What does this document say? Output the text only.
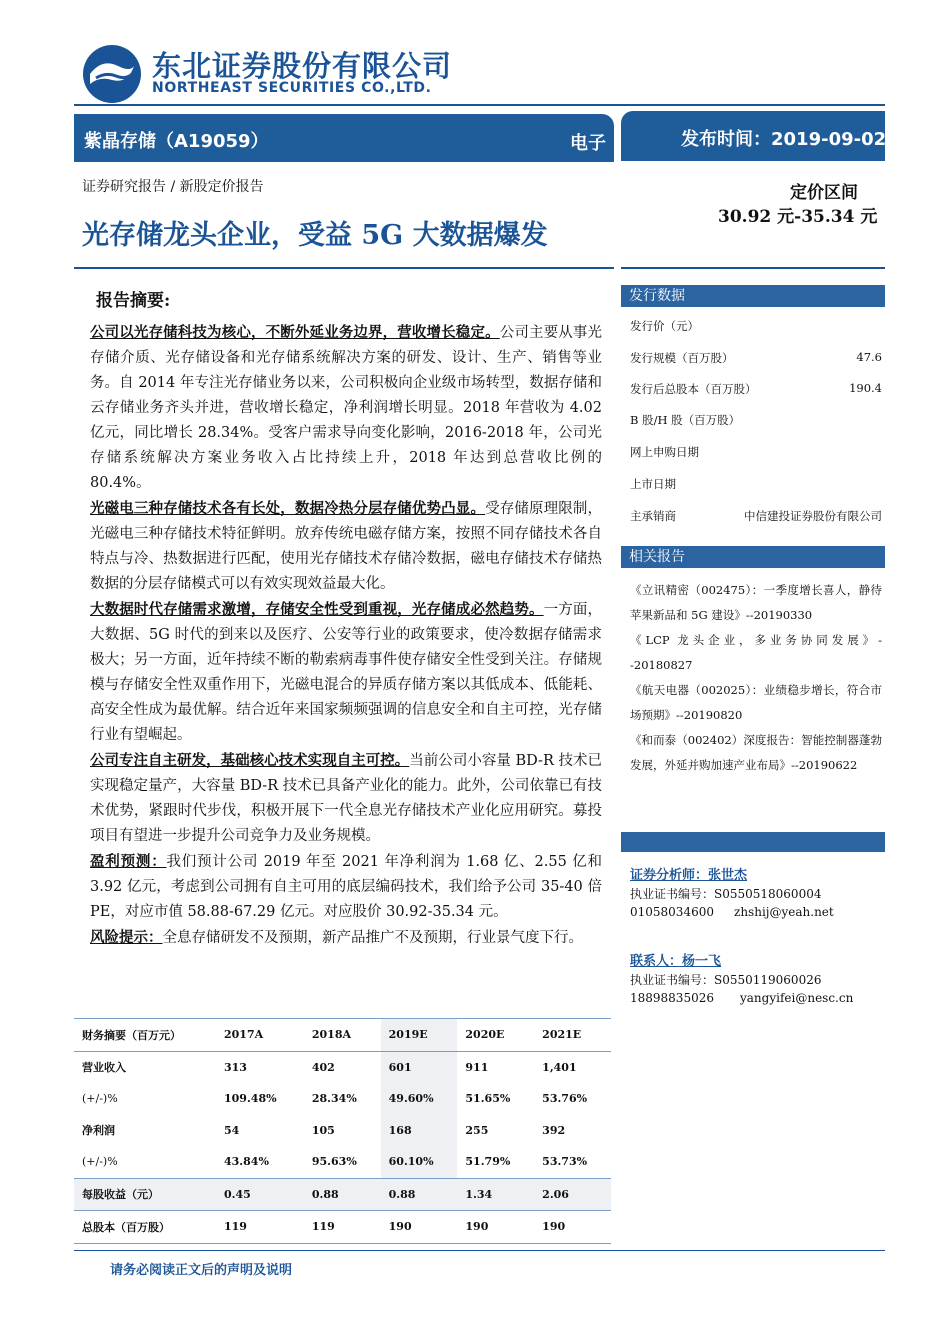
东北证券股份有限公司
NORTHEAST SECURITIES CO.,LTD.
紫晶存储（A19059）	电子	发布时间：2019-09-02
证券研究报告 / 新股定价报告
光存储龙头企业，受益 5G 大数据爆发
定价区间
30.92 元-35.34 元
报告摘要:

公司以光存储科技为核心，不断外延业务边界，营收增长稳定。公司主要从事光存储介质、光存储设备和光存储系统解决方案的研发、设计、生产、销售等业务。自 2014 年专注光存储业务以来，公司积极向企业级市场转型，数据存储和云存储业务齐头并进，营收增长稳定，净利润增长明显。2018 年营收为 4.02 亿元，同比增长 28.34%。受客户需求导向变化影响，2016-2018 年，公司光存储系统解决方案业务收入占比持续上升，2018 年达到总营收比例的 80.4%。

光磁电三种存储技术各有长处，数据冷热分层存储优势凸显。受存储原理限制，光磁电三种存储技术特征鲜明。放弃传统电磁存储方案，按照不同存储技术各自特点与冷、热数据进行匹配，使用光存储技术存储冷数据，磁电存储技术存储热数据的分层存储模式可以有效实现效益最大化。

大数据时代存储需求激增，存储安全性受到重视，光存储成必然趋势。一方面，大数据、5G 时代的到来以及医疗、公安等行业的政策要求，使冷数据存储需求极大；另一方面，近年持续不断的勒索病毒事件使存储安全性受到关注。存储规模与存储安全性双重作用下，光磁电混合的异质存储方案以其低成本、低能耗、高安全性成为最优解。结合近年来国家频频强调的信息安全和自主可控，光存储行业有望崛起。

公司专注自主研发，基础核心技术实现自主可控。当前公司小容量 BD-R 技术已实现稳定量产，大容量 BD-R 技术已具备产业化的能力。此外，公司依靠已有技术优势，紧跟时代步伐，积极开展下一代全息光存储技术产业化应用研究。募投项目有望进一步提升公司竞争力及业务规模。

盈利预测：我们预计公司 2019 年至 2021 年净利润为 1.68 亿、2.55 亿和 3.92 亿元，考虑到公司拥有自主可用的底层编码技术，我们给予公司 35-40 倍 PE，对应市值 58.88-67.29 亿元。对应股价 30.92-35.34 元。

风险提示：全息存储研发不及预期，新产品推广不及预期，行业景气度下行。

发行数据
发行价（元）
发行规模（百万股）	47.6
发行后总股本（百万股）	190.4
B 股/H 股（百万股）
网上申购日期
上市日期
主承销商	中信建投证券股份有限公司
相关报告

《立讯精密（002475）：一季度增长喜人，静待苹果新品和 5G 建设》--20190330

《LCP 龙头企业，多业务协同发展》--20180827

《航天电器（002025）：业绩稳步增长，符合市场预期》--20190820

《和而泰（002402）深度报告：智能控制器蓬勃发展，外延并购加速产业布局》--20190622

证券分析师：张世杰
执业证书编号：S0550518060004
01058034600 zhshij@yeah.net
联系人：杨一飞
执业证书编号：S0550119060026
18898835026 yangyifei@nesc.cn
财务摘要（百万元）	2017A	2018A	2019E	2020E	2021E
营业收入	313	402	601	911	1,401
(+/-)%	109.48%	28.34%	49.60%	51.65%	53.76%
净利润	54	105	168	255	392
(+/-)%	43.84%	95.63%	60.10%	51.79%	53.73%
每股收益（元）	0.45	0.88	0.88	1.34	2.06
总股本（百万股）	119	119	190	190	190
请务必阅读正文后的声明及说明
